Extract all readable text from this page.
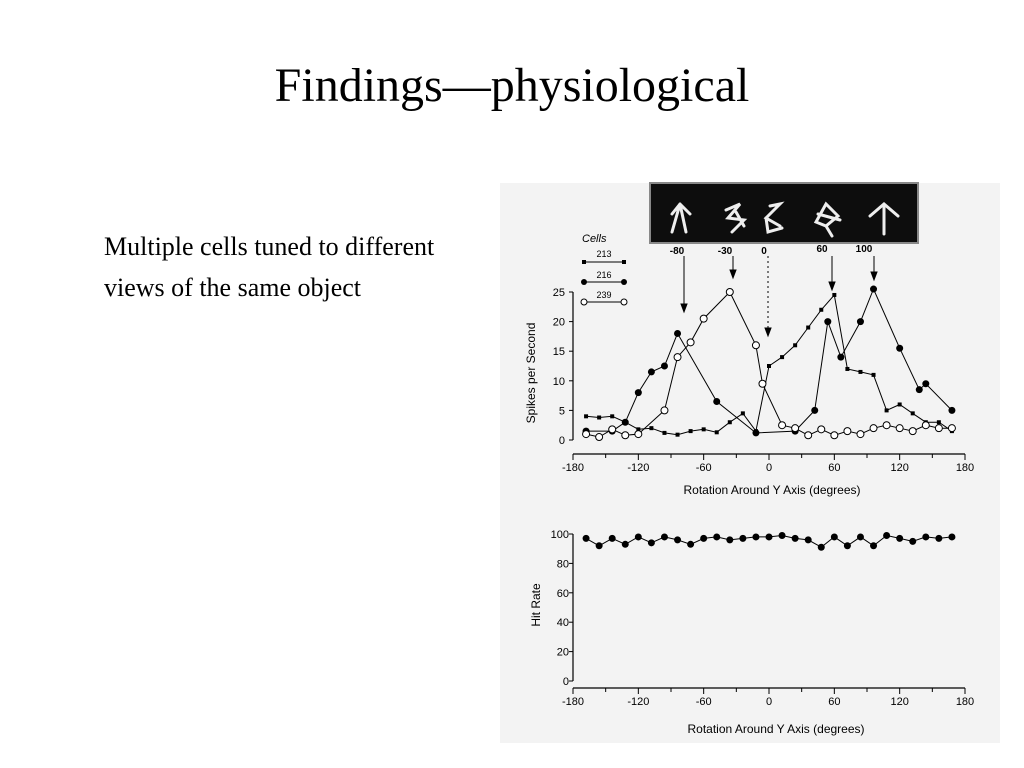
Findings—physiological

Multiple cells tuned to different views of the same object

-80	-30	0	60	100
Cells
213
216
239
0
5
10
15
20
25
-180	-120	-60	0	60	120	180
Spikes per Second
Rotation Around Y Axis (degrees)
0
20
40
60
80
100
-180	-120	-60	0	60	120	180
Hit Rate
Rotation Around Y Axis (degrees)
